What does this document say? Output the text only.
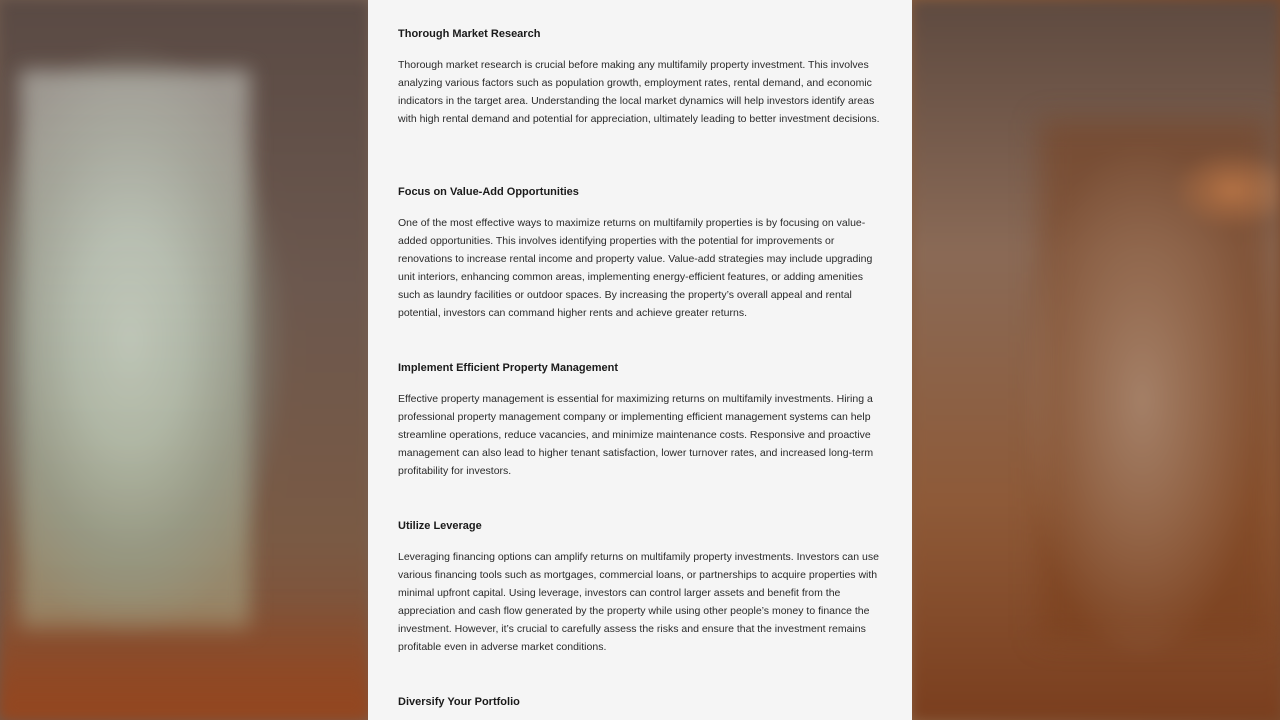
Thorough Market Research

Thorough market research is crucial before making any multifamily property investment. This involves analyzing various factors such as population growth, employment rates, rental demand, and economic indicators in the target area. Understanding the local market dynamics will help investors identify areas with high rental demand and potential for appreciation, ultimately leading to better investment decisions.

Focus on Value-Add Opportunities

One of the most effective ways to maximize returns on multifamily properties is by focusing on value-added opportunities. This involves identifying properties with the potential for improvements or renovations to increase rental income and property value. Value-add strategies may include upgrading unit interiors, enhancing common areas, implementing energy-efficient features, or adding amenities such as laundry facilities or outdoor spaces. By increasing the property’s overall appeal and rental potential, investors can command higher rents and achieve greater returns.

Implement Efficient Property Management

Effective property management is essential for maximizing returns on multifamily investments. Hiring a professional property management company or implementing efficient management systems can help streamline operations, reduce vacancies, and minimize maintenance costs. Responsive and proactive management can also lead to higher tenant satisfaction, lower turnover rates, and increased long-term profitability for investors.

Utilize Leverage

Leveraging financing options can amplify returns on multifamily property investments. Investors can use various financing tools such as mortgages, commercial loans, or partnerships to acquire properties with minimal upfront capital. Using leverage, investors can control larger assets and benefit from the appreciation and cash flow generated by the property while using other people’s money to finance the investment. However, it’s crucial to carefully assess the risks and ensure that the investment remains profitable even in adverse market conditions.

Diversify Your Portfolio
